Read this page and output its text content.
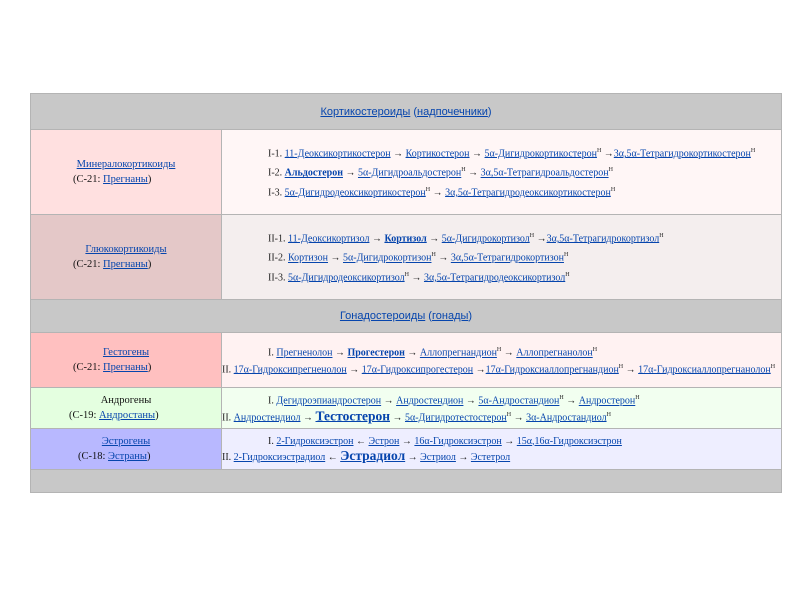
Кортикостероиды (надпочечники)	

Минералокортикоиды
(С-21: Прегнаны)	I-1. 11-Деоксикортикостерон → Кортикостерон → 5α-Дигидрокортикостерон$^Н$ →3α,5α-Тетрагидрокортикостерон$^Н$
I-2. Альдостерон → 5α-Дигидроальдостерон$^Н$ → 3α,5α-Тетрагидроальдостерон$^Н$
I-3. 5α-Дигидродеоксикортикостерон$^Н$ → 3α,5α-Тетрагидродеоксикортикостерон$^Н$

Глюкокортикоиды
(С-21: Прегнаны)	II-1. 11-Деоксикортизол → Кортизол → 5α-Дигидрокортизол$^Н$ →3α,5α-Тетрагидрокортизол$^Н$
II-2. Кортизон → 5α-Дигидрокортизон$^Н$ → 3α,5α-Тетрагидрокортизон$^Н$
II-3. 5α-Дигидродеоксикортизол$^Н$ → 3α,5α-Тетрагидродеоксикортизол$^Н$

Гонадостероиды (гонады)	

Гестогены
(С-21: Прегнаны)	I. Прегненолон → Прогестерон → Аллопрегнандион$^Н$ → Аллопрегнанолон$^Н$
II. 17α-Гидроксипрегненолон → 17α-Гидроксипрогестерон →17α-Гидроксиаллопрегнандион$^Н$ → 17α-Гидроксиаллопрегнанолон$^Н$

Андрогены
(С-19: Андростаны)	I. Дегидроэпиандростерон → Андростендион → 5α-Андростандион$^Н$ → Андростерон$^Н$
II. Андростендиол → Тестостерон → 5α-Дигидротестостерон$^Н$ → 3α-Андростандиол$^Н$

Эстрогены
(С-18: Эстраны)	I. 2-Гидроксиэстрон ← Эстрон → 16α-Гидроксиэстрон → 15α,16α-Гидроксиэстрон
II. 2-Гидроксиэстрадиол ← Эстрадиол → Эстриол → Эстетрол
